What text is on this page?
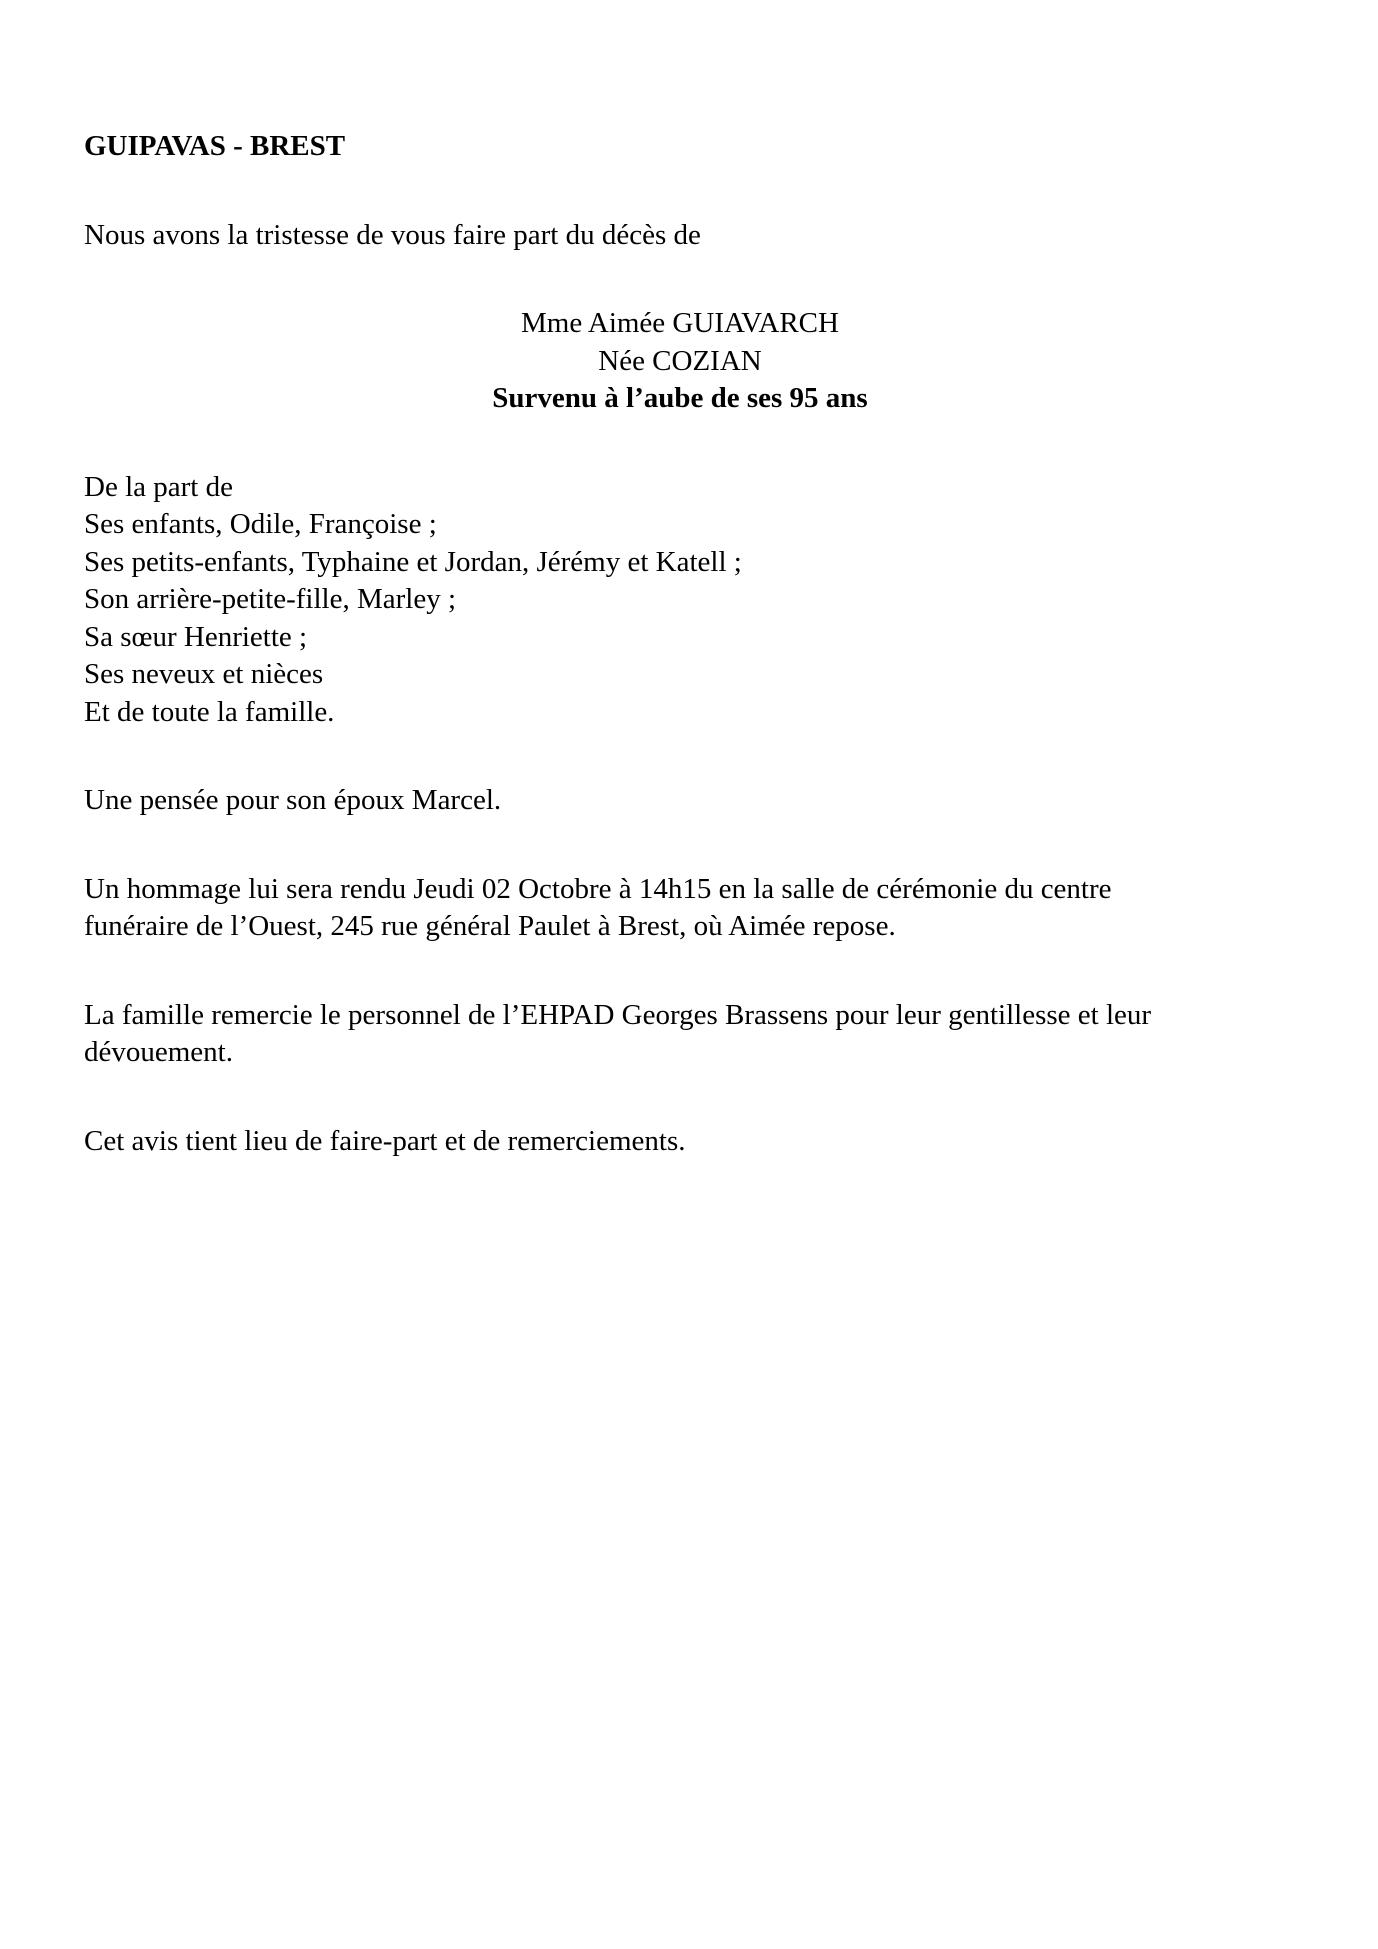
GUIPAVAS - BREST
Nous avons la tristesse de vous faire part du décès de
Mme Aimée GUIAVARCH
Née COZIAN
Survenu à l’aube de ses 95 ans
De la part de
Ses enfants, Odile, Françoise ;
Ses petits-enfants, Typhaine et Jordan, Jérémy et Katell ;
Son arrière-petite-fille, Marley ;
Sa sœur Henriette ;
Ses neveux et nièces
Et de toute la famille.
Une pensée pour son époux Marcel.
Un hommage lui sera rendu Jeudi 02 Octobre à 14h15 en la salle de cérémonie du centre
funéraire de l’Ouest, 245 rue général Paulet à Brest, où Aimée repose.
La famille remercie le personnel de l’EHPAD Georges Brassens pour leur gentillesse et leur
dévouement.
Cet avis tient lieu de faire-part et de remerciements.
